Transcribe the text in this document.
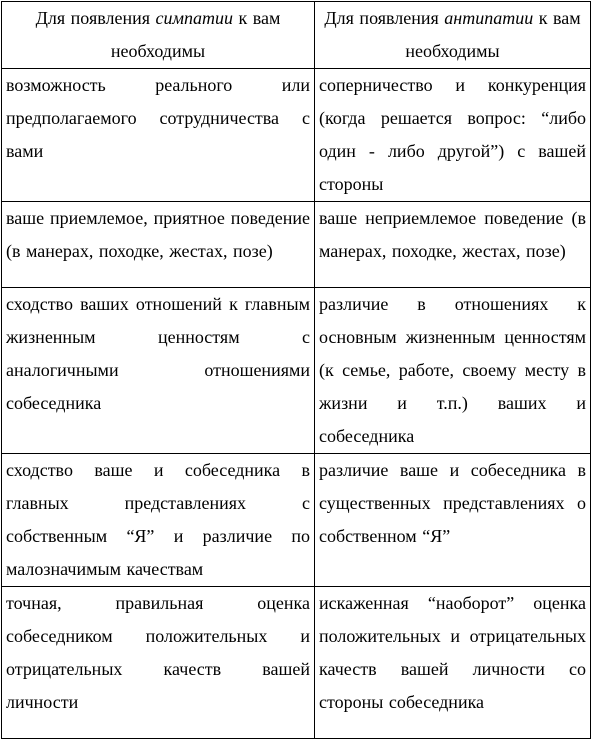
Для появления симпатии к вам необходимы	Для появления антипатии к вам необходимы
возможность реального или предполагаемого сотрудничества с вами	соперничество и конкуренция (когда решается вопрос: “либо один - либо другой”) с вашей стороны
ваше приемлемое, приятное поведение (в манерах, походке, жестах, позе)	ваше неприемлемое поведение (в манерах, походке, жестах, позе)
сходство ваших отношений к главным жизненным ценностям с аналогичными отношениями собеседника	различие в отношениях к основным жизненным ценностям (к семье, работе, своему месту в жизни и т.п.) ваших и собеседника
сходство ваше и собеседника в главных представлениях с собственным “Я” и различие по малозначимым качествам	различие ваше и собеседника в существенных представлениях о собственном “Я”
точная, правильная оценка собеседником положительных и отрицательных качеств вашей личности	искаженная “наоборот” оценка положительных и отрицательных качеств вашей личности со стороны собеседника
